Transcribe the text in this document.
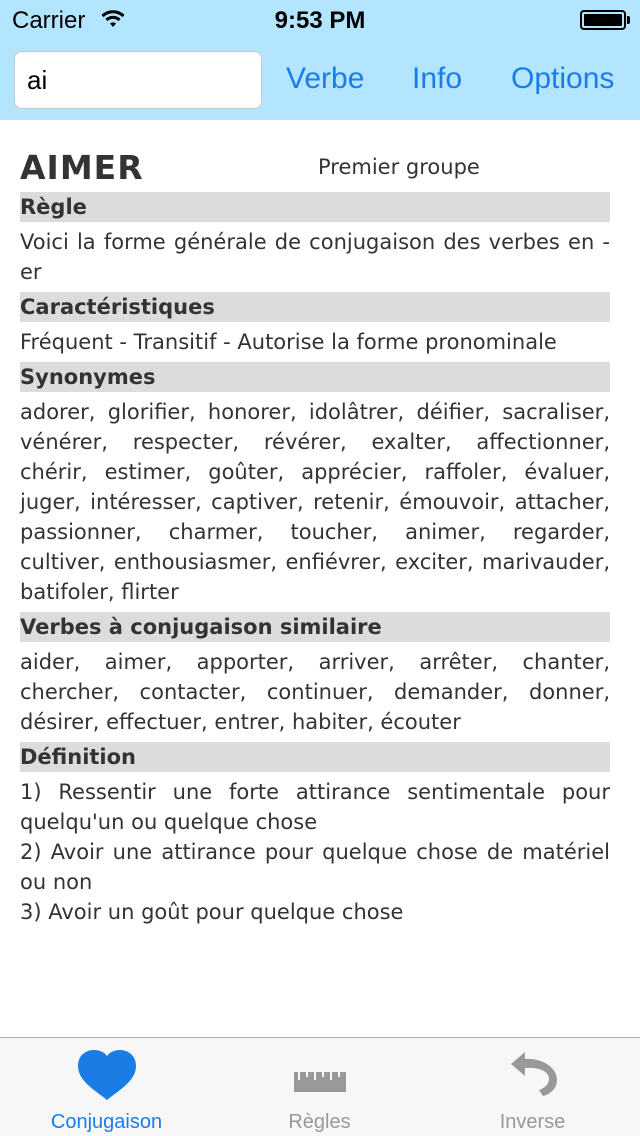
Carrier	9:53 PM
ai
Verbe Info Options
AIMER	Premier groupe
Règle
Voici la forme générale de conjugaison des verbes en -er
Caractéristiques
Fréquent - Transitif - Autorise la forme pronominale
Synonymes
adorer, glorifier, honorer, idolâtrer, déifier, sacraliser, vénérer, respecter, révérer, exalter, affectionner, chérir, estimer, goûter, apprécier, raffoler, évaluer, juger, intéresser, captiver, retenir, émouvoir, attacher, passionner, charmer, toucher, animer, regarder, cultiver, enthousiasmer, enfiévrer, exciter, marivauder, batifoler, flirter
Verbes à conjugaison similaire
aider, aimer, apporter, arriver, arrêter, chanter, chercher, contacter, continuer, demander, donner, désirer, effectuer, entrer, habiter, écouter
Définition
1) Ressentir une forte attirance sentimentale pour quelqu'un ou quelque chose
2) Avoir une attirance pour quelque chose de matériel ou non
3) Avoir un goût pour quelque chose
Conjugaison	Règles	Inverse
